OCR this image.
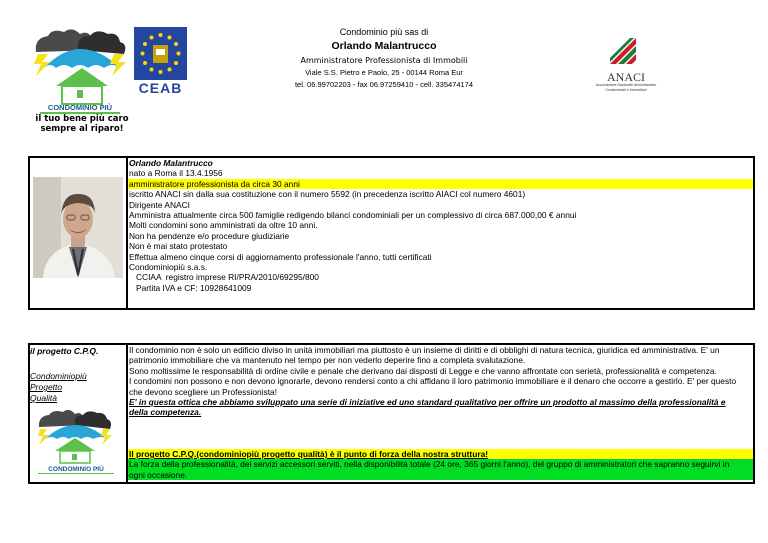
CONDOMINIO PIÙ
il tuo bene più caro
sempre al riparo!
CEAB
Condominio più sas di
Orlando Malantrucco
Amministratore Professionista di Immobili
Viale S.S. Pietro e Paolo, 25 - 00144 Roma Eur
tel. 06.99702203 - fax 06.97259410 - cell. 335474174
ANACI
Associazione Nazionale Amministratori
Condominiali e Immobiliari
Orlando Malantrucco
nato a Roma il 13.4.1956
amministratore professionista da circa 30 anni
iscritto ANACI sin dalla sua costituzione con il numero 5592 (in precedenza iscritto AIACI col numero 4601)
Dirigente ANACI
Amministra attualmente circa 500 famiglie redigendo bilanci condominiali per un complessivo di circa 687.000,00 € annui
Molti condomini sono amministrati da oltre 10 anni.
Non ha pendenze e/o procedure giudiziarie
Non è mai stato protestato
Effettua almeno cinque corsi di aggiornamento professionale l'anno, tutti certificati
Condominiopiù s.a.s.
CCIAA  registro imprese RI/PRA/2010/69295/800
Partita IVA e CF: 10928641009
il progetto C.P.Q.
Condominiopiù
Progetto
Qualità
CONDOMINIO PIÙ
Il condominio non è solo un edificio diviso in unità immobiliari ma piuttosto è un insieme di diritti e di obblighi di natura tecnica, giuridica ed amministrativa. E' un patrimonio immobiliare che va mantenuto nel tempo per non vederlo deperire fino a completa svalutazione.
Sono moltissime le responsabilità di ordine civile e penale che derivano dai disposti di Legge e che vanno affrontate con serietà, professionalità e competenza.
I condomini non possono e non devono ignorarle, devono rendersi conto a chi affidano il loro patrimonio immobiliare e il denaro che occorre a gestirlo. E' per questo che devono scegliere un Professionista!
E' in questa ottica che abbiamo sviluppato una serie di iniziative ed uno standard qualitativo per offrire un prodotto al massimo della professionalità e della competenza.
Il progetto C.P.Q.(condominiopiù progetto qualità) è il punto di forza della nostra struttura!
La forza della professionalità, dei servizi accessori serviti, nella disponibilità totale (24 ore, 365 giorni l'anno), del gruppo di amministratori che sapranno seguirvi in ogni occasione.
